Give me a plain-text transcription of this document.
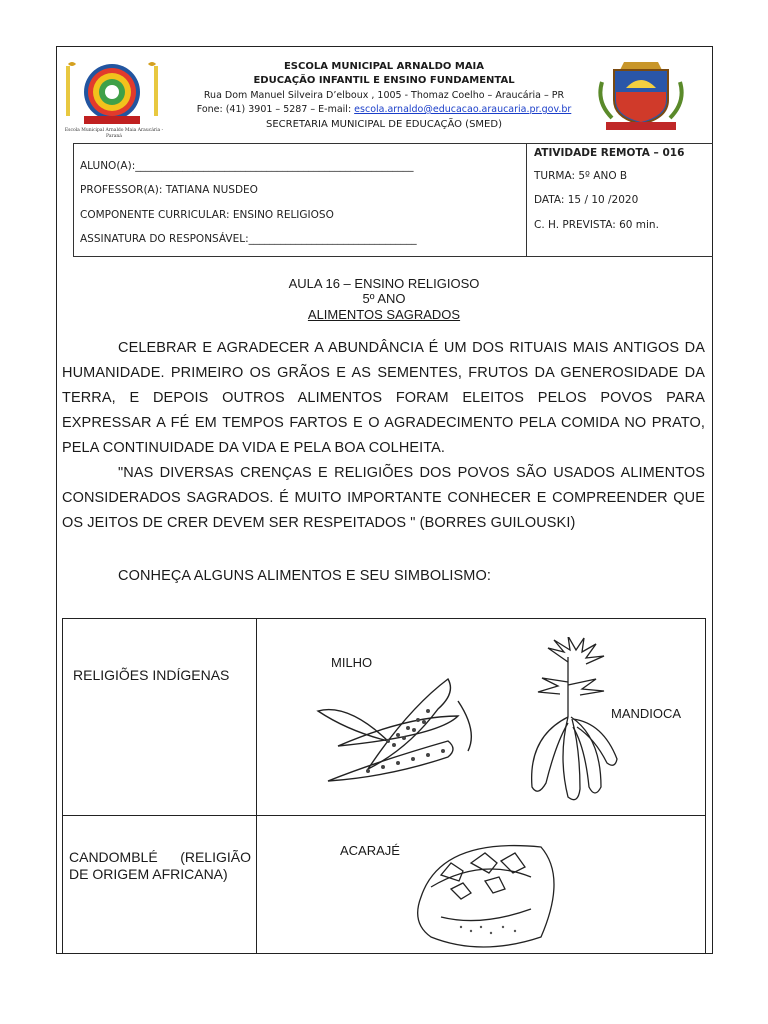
Escola Municipal Arnaldo Maia Araucária - Paraná
ESCOLA MUNICIPAL ARNALDO MAIA
EDUCAÇÃO INFANTIL E ENSINO FUNDAMENTAL
Rua Dom Manuel Silveira D’elboux , 1005 - Thomaz Coelho – Araucária – PR
Fone: (41) 3901 – 5287 – E-mail: escola.arnaldo@educacao.araucaria.pr.gov.br
SECRETARIA MUNICIPAL DE EDUCAÇÃO (SMED)
ALUNO(A):_____________________________________________________
PROFESSOR(A): TATIANA NUSDEO
COMPONENTE CURRICULAR: ENSINO RELIGIOSO
ASSINATURA DO RESPONSÁVEL:________________________________
ATIVIDADE REMOTA – 016
TURMA: 5º ANO B
DATA: 15 / 10 /2020
C. H. PREVISTA: 60 min.
AULA 16 – ENSINO RELIGIOSO
5º ANO
ALIMENTOS SAGRADOS
CELEBRAR E AGRADECER A ABUNDÂNCIA É UM DOS RITUAIS MAIS ANTIGOS DA HUMANIDADE. PRIMEIRO OS GRÃOS E AS SEMENTES, FRUTOS DA GENEROSIDADE DA TERRA, E DEPOIS OUTROS ALIMENTOS FORAM ELEITOS PELOS POVOS PARA EXPRESSAR A FÉ EM TEMPOS FARTOS E O AGRADECIMENTO PELA COMIDA NO PRATO, PELA CONTINUIDADE DA VIDA E PELA BOA COLHEITA.
"NAS DIVERSAS CRENÇAS E RELIGIÕES DOS POVOS SÃO USADOS ALIMENTOS CONSIDERADOS SAGRADOS. É MUITO IMPORTANTE CONHECER E COMPREENDER QUE OS JEITOS DE CRER DEVEM SER RESPEITADOS " (BORRES GUILOUSKI)
CONHEÇA ALGUNS ALIMENTOS E SEU SIMBOLISMO:
RELIGIÕES INDÍGENAS
MILHO
MANDIOCA
CANDOMBLÉ (RELIGIÃO DE ORIGEM AFRICANA)
ACARAJÉ
